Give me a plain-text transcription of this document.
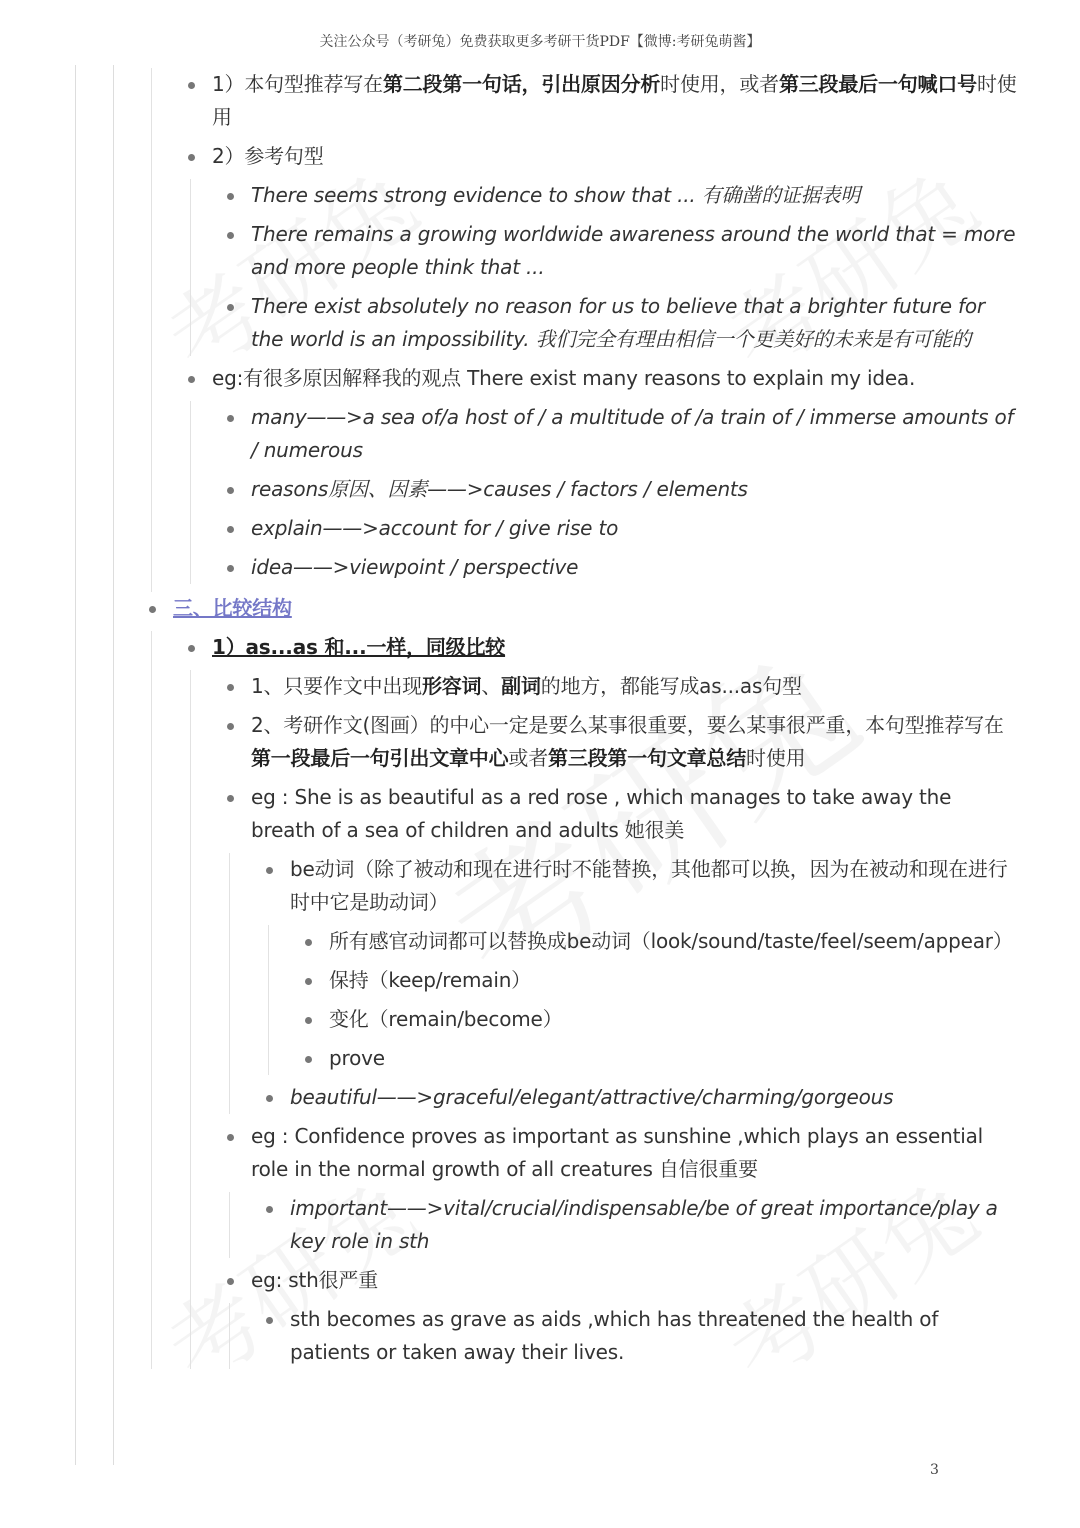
关注公众号（考研兔）免费获取更多考研干货PDF【微博:考研兔萌酱】
1）本句型推荐写在第二段第一句话，引出原因分析时使用，或者第三段最后一句喊口号时使用
2）参考句型
There seems strong evidence to show that ... 有确凿的证据表明
There remains a growing worldwide awareness around the world that = more and more people think that ...
There exist absolutely no reason for us to believe that a brighter future for the world is an impossibility. 我们完全有理由相信一个更美好的未来是有可能的
eg:有很多原因解释我的观点 There exist many reasons to explain my idea.
many——>a sea of/a host of / a multitude of /a train of / immerse amounts of / numerous
reasons原因、因素——>causes / factors / elements
explain——>account for / give rise to
idea——>viewpoint / perspective
三、比较结构
1）as...as 和...一样，同级比较
1、只要作文中出现形容词、副词的地方，都能写成as...as句型
2、考研作文(图画）的中心一定是要么某事很重要，要么某事很严重，本句型推荐写在第一段最后一句引出文章中心或者第三段第一句文章总结时使用
eg : She is as beautiful as a red rose , which manages to take away the breath of a sea of children and adults 她很美
be动词（除了被动和现在进行时不能替换，其他都可以换，因为在被动和现在进行时中它是助动词）
所有感官动词都可以替换成be动词（look/sound/taste/feel/seem/appear）
保持（keep/remain）
变化（remain/become）
prove
beautiful——>graceful/elegant/attractive/charming/gorgeous
eg : Confidence proves as important as sunshine ,which plays an essential role in the normal growth of all creatures 自信很重要
important——>vital/crucial/indispensable/be of great importance/play a key role in sth
eg: sth很严重
sth becomes as grave as aids ,which has threatened the health of patients or taken away their lives.
3
